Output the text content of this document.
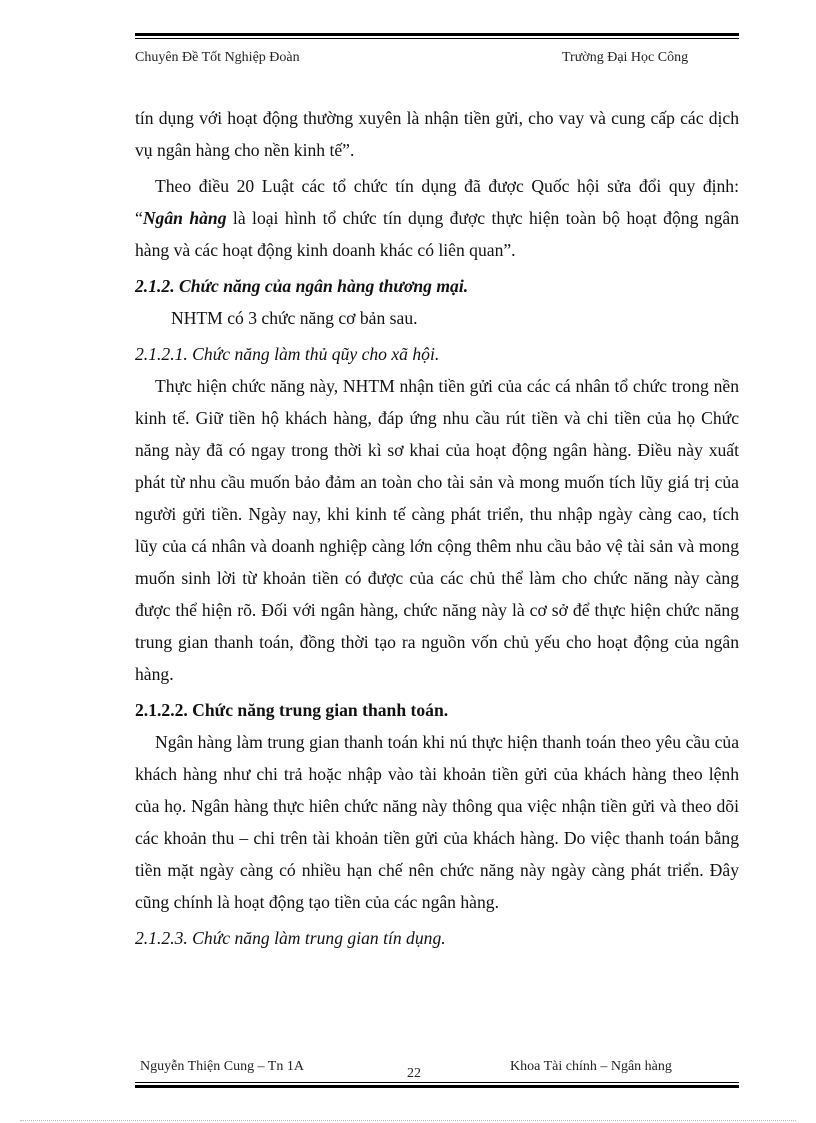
Chuyên Đề Tốt Nghiệp Đoàn	Trường Đại Học Công

tín dụng với hoạt động thường xuyên là nhận tiền gửi, cho vay và cung cấp các dịch vụ ngân hàng cho nền kinh tế”.

Theo điều 20 Luật các tổ chức tín dụng đã được Quốc hội sửa đổi quy định: “Ngân hàng là loại hình tổ chức tín dụng được thực hiện toàn bộ hoạt động ngân hàng và các hoạt động kinh doanh khác có liên quan”.

2.1.2. Chức năng của ngân hàng thương mại.

NHTM có 3 chức năng cơ bản sau.

2.1.2.1. Chức năng làm thủ qũy cho xã hội.

Thực hiện chức năng này, NHTM nhận tiền gửi của các cá nhân tổ chức trong nền kinh tế. Giữ tiền hộ khách hàng, đáp ứng nhu cầu rút tiền và chi tiền của họ Chức năng này đã có ngay trong thời kì sơ khai của hoạt động ngân hàng. Điều này xuất phát từ nhu cầu muốn bảo đảm an toàn cho tài sản và mong muốn tích lũy giá trị của người gửi tiền. Ngày nay, khi kinh tế càng phát triển, thu nhập ngày càng cao, tích lũy của cá nhân và doanh nghiệp càng lớn cộng thêm nhu cầu bảo vệ tài sản và mong muốn sinh lời từ khoản tiền có được của các chủ thể làm cho chức năng này càng được thể hiện rõ. Đối với ngân hàng, chức năng này là cơ sở để thực hiện chức năng trung gian thanh toán, đồng thời tạo ra nguồn vốn chủ yếu cho hoạt động của ngân hàng.

2.1.2.2. Chức năng trung gian thanh toán.

Ngân hàng làm trung gian thanh toán khi nú thực hiện thanh toán theo yêu cầu của khách hàng như chi trả hoặc nhập vào tài khoản tiền gửi của khách hàng theo lệnh của họ. Ngân hàng thực hiên chức năng này thông qua việc nhận tiền gửi và theo dõi các khoản thu – chi trên tài khoản tiền gửi của khách hàng. Do việc thanh toán bằng tiền mặt ngày càng có nhiều hạn chế nên chức năng này ngày càng phát triển. Đây cũng chính là hoạt động tạo tiền của các ngân hàng.

2.1.2.3. Chức năng làm trung gian tín dụng.

Nguyễn Thiện Cung – Tn 1A	22	Khoa Tài chính – Ngân hàng
